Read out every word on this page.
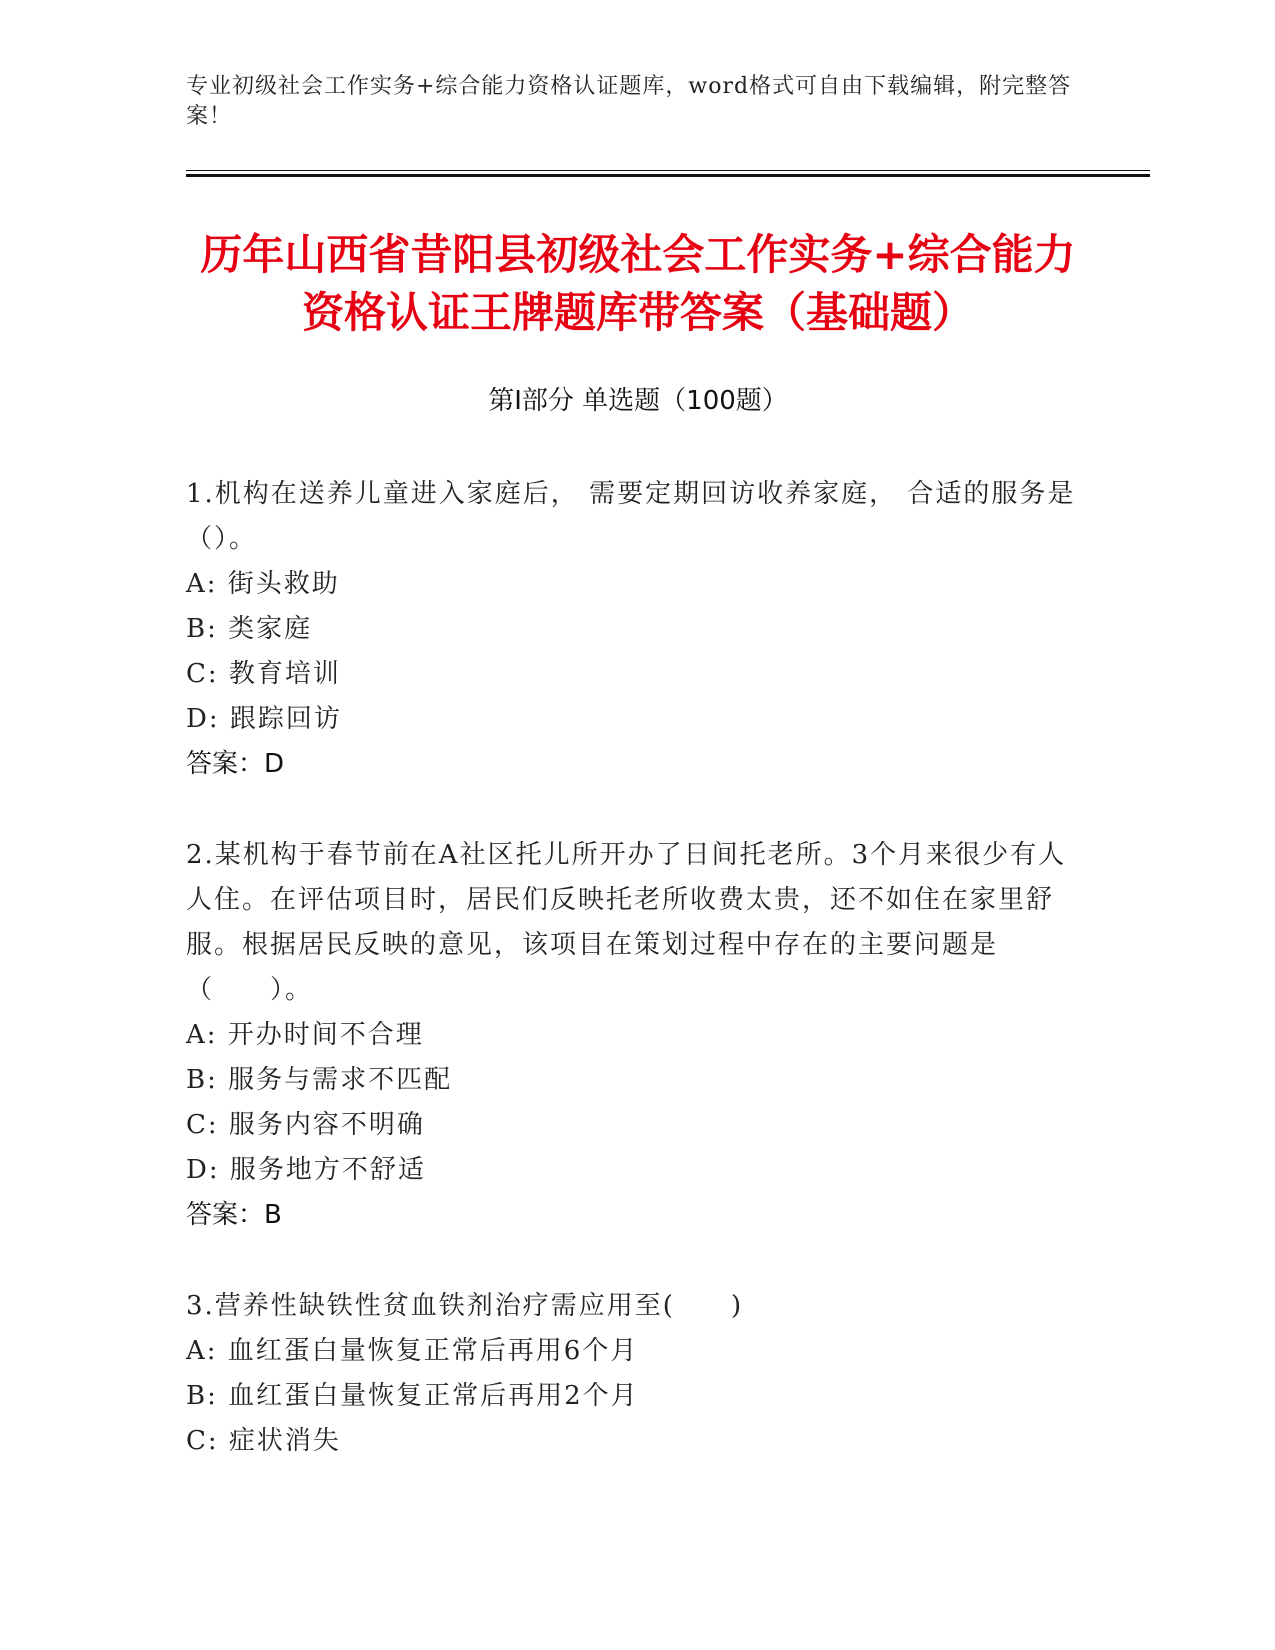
专业初级社会工作实务+综合能力资格认证题库，word格式可自由下载编辑，附完整答案！
历年山西省昔阳县初级社会工作实务+综合能力资格认证王牌题库带答案（基础题）
第I部分 单选题（100题）

1.机构在送养儿童进入家庭后， 需要定期回访收养家庭， 合适的服务是（）。

A: 街头救助

B: 类家庭

C: 教育培训

D: 跟踪回访

答案：D

2.某机构于春节前在A社区托儿所开办了日间托老所。3个月来很少有人人住。在评估项目时，居民们反映托老所收费太贵，还不如住在家里舒服。根据居民反映的意见，该项目在策划过程中存在的主要问题是（　　）。

A: 开办时间不合理

B: 服务与需求不匹配

C: 服务内容不明确

D: 服务地方不舒适

答案：B

3.营养性缺铁性贫血铁剂治疗需应用至(　　)

A: 血红蛋白量恢复正常后再用6个月

B: 血红蛋白量恢复正常后再用2个月

C: 症状消失
